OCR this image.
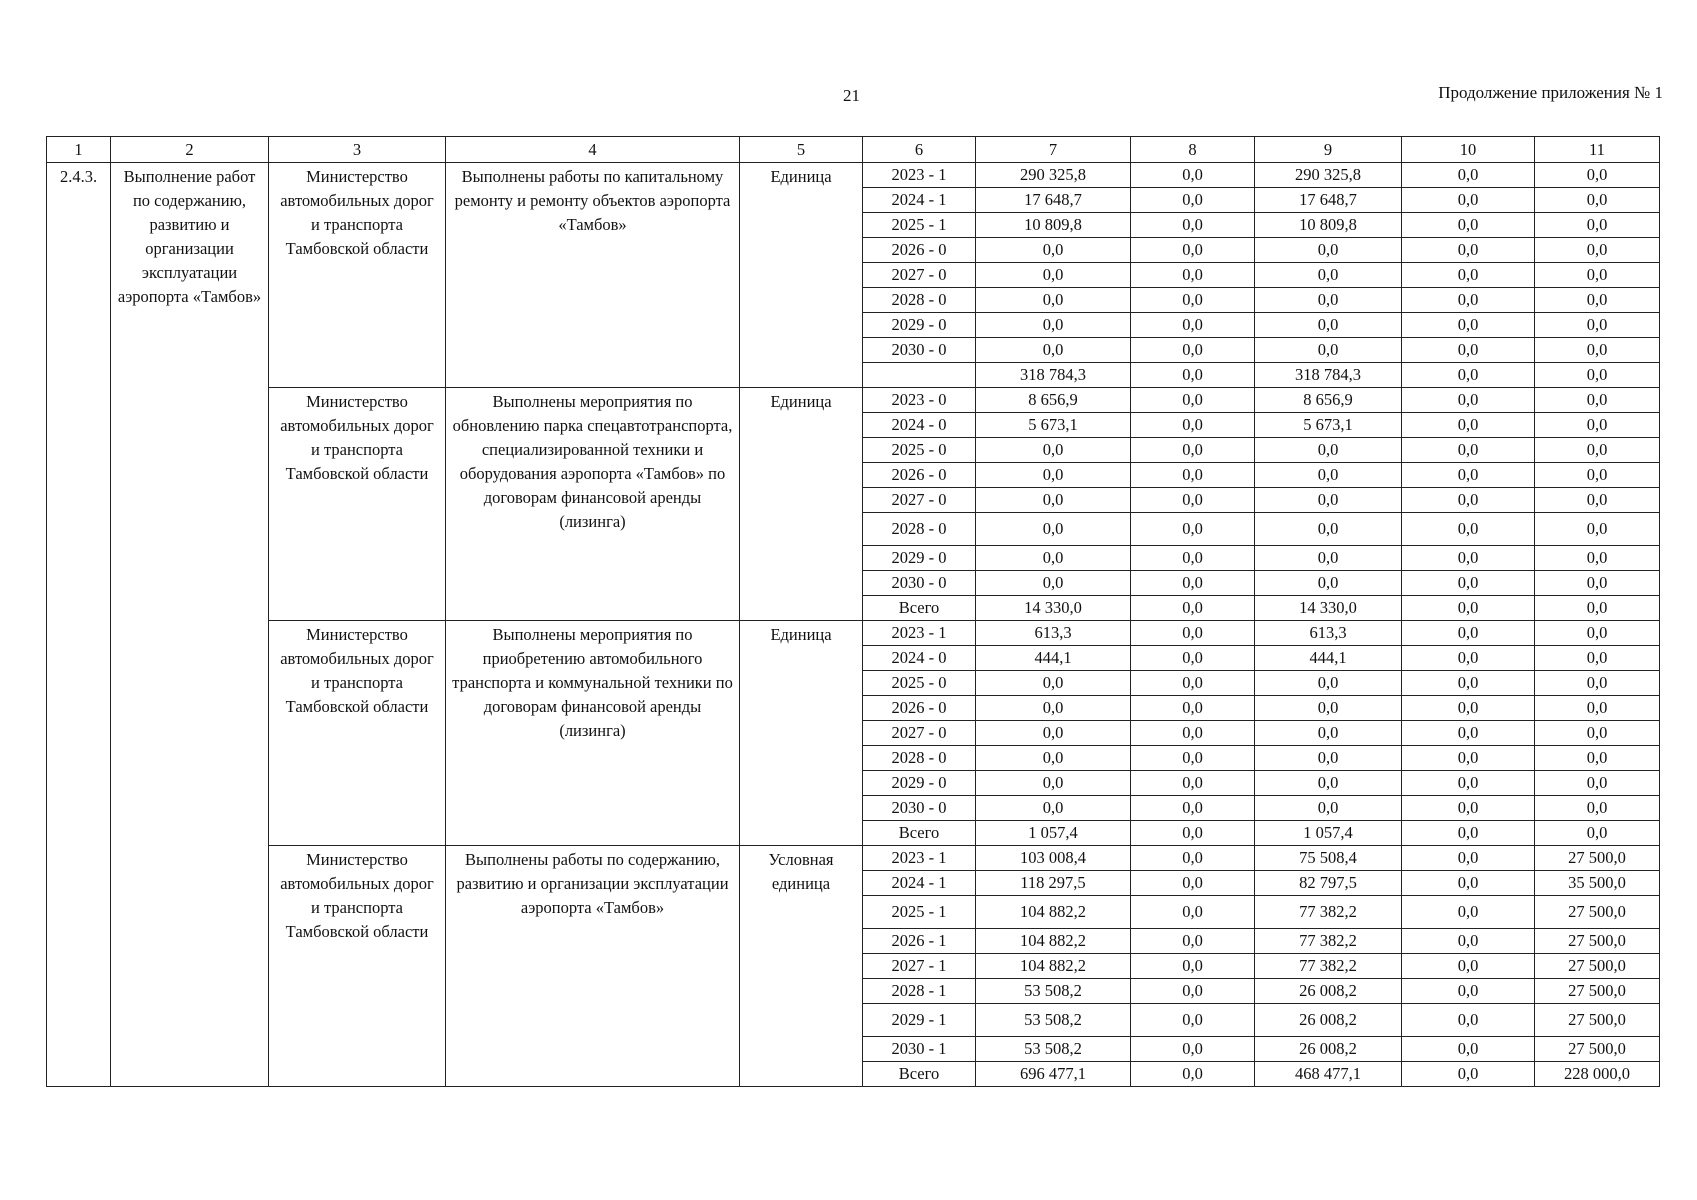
21	Продолжение приложения № 1
1	2	3	4	5	6	7	8	9	10	11
2.4.3.	Выполнение работ по содержанию, развитию и организации эксплуатации аэропорта «Тамбов»	Министерство автомобильных дорог и транспорта Тамбовской области	Выполнены работы по капитальному ремонту и ремонту объектов аэропорта «Тамбов»	Единица	2023 - 1	290 325,8	0,0	290 325,8	0,0	0,0
					2024 - 1	17 648,7	0,0	17 648,7	0,0	0,0
					2025 - 1	10 809,8	0,0	10 809,8	0,0	0,0
					2026 - 0	0,0	0,0	0,0	0,0	0,0
					2027 - 0	0,0	0,0	0,0	0,0	0,0
					2028 - 0	0,0	0,0	0,0	0,0	0,0
					2029 - 0	0,0	0,0	0,0	0,0	0,0
					2030 - 0	0,0	0,0	0,0	0,0	0,0
						318 784,3	0,0	318 784,3	0,0	0,0
		Министерство автомобильных дорог и транспорта Тамбовской области	Выполнены мероприятия по обновлению парка спецавтотранспорта, специализированной техники и оборудования аэропорта «Тамбов» по договорам финансовой аренды (лизинга)	Единица	2023 - 0	8 656,9	0,0	8 656,9	0,0	0,0
					2024 - 0	5 673,1	0,0	5 673,1	0,0	0,0
					2025 - 0	0,0	0,0	0,0	0,0	0,0
					2026 - 0	0,0	0,0	0,0	0,0	0,0
					2027 - 0	0,0	0,0	0,0	0,0	0,0
					2028 - 0	0,0	0,0	0,0	0,0	0,0
					2029 - 0	0,0	0,0	0,0	0,0	0,0
					2030 - 0	0,0	0,0	0,0	0,0	0,0
					Всего	14 330,0	0,0	14 330,0	0,0	0,0
		Министерство автомобильных дорог и транспорта Тамбовской области	Выполнены мероприятия по приобретению автомобильного транспорта и коммунальной техники по договорам финансовой аренды (лизинга)	Единица	2023 - 1	613,3	0,0	613,3	0,0	0,0
					2024 - 0	444,1	0,0	444,1	0,0	0,0
					2025 - 0	0,0	0,0	0,0	0,0	0,0
					2026 - 0	0,0	0,0	0,0	0,0	0,0
					2027 - 0	0,0	0,0	0,0	0,0	0,0
					2028 - 0	0,0	0,0	0,0	0,0	0,0
					2029 - 0	0,0	0,0	0,0	0,0	0,0
					2030 - 0	0,0	0,0	0,0	0,0	0,0
					Всего	1 057,4	0,0	1 057,4	0,0	0,0
		Министерство автомобильных дорог и транспорта Тамбовской области	Выполнены работы по содержанию, развитию и организации эксплуатации аэропорта «Тамбов»	Условная единица	2023 - 1	103 008,4	0,0	75 508,4	0,0	27 500,0
					2024 - 1	118 297,5	0,0	82 797,5	0,0	35 500,0
					2025 - 1	104 882,2	0,0	77 382,2	0,0	27 500,0
					2026 - 1	104 882,2	0,0	77 382,2	0,0	27 500,0
					2027 - 1	104 882,2	0,0	77 382,2	0,0	27 500,0
					2028 - 1	53 508,2	0,0	26 008,2	0,0	27 500,0
					2029 - 1	53 508,2	0,0	26 008,2	0,0	27 500,0
					2030 - 1	53 508,2	0,0	26 008,2	0,0	27 500,0
					Всего	696 477,1	0,0	468 477,1	0,0	228 000,0
